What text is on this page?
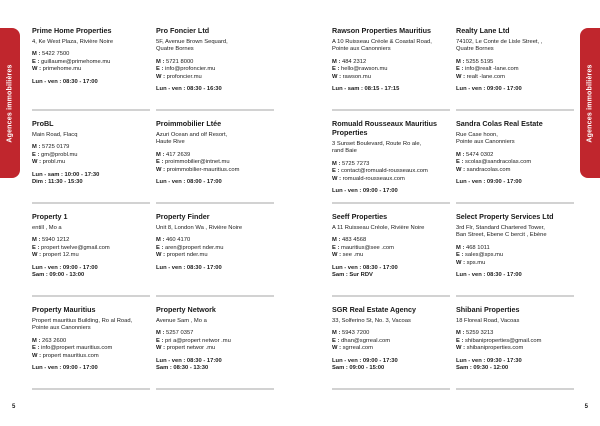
Agences immobilières	Agences immobilières
Prime Home Properties
4, Ke West Plaza, Rivière Noire
M : 5422 7500
E : guillaume@primehome.mu
W : primehome.mu
Lun - ven : 08:30 - 17:00
ProBL
Main Road, Flacq
M : 5725 0179
E : gm@probl.mu
W : probl.mu
Lun - sam : 10:00 - 17:30
Dim : 11:30 - 15:30
Property 1
entill , Mo a
M : 5940 1212
E : propert twelve@gmail.com
W : propert 12.mu
Lun - ven : 09:00 - 17:00
Sam : 09:00 - 13:00
Property Mauritius
Propert mauritius Building, Ro al Road,
Pointe aux Canonniers
M : 263 2600
E : info@propert mauritius.com
W : propert mauritius.com
Lun - ven : 09:00 - 17:00
Pro Foncier Ltd
5F, Avenue Brown Sequard,
Quatre Bornes
M : 5721 8000
E : info@profoncier.mu
W : profoncier.mu
Lun - ven : 08:30 - 16:30
Proimmobilier Ltée
Azuri Ocean and olf Resort,
Haute Rive
M : 417 2639
E : proimmobilier@intnet.mu
W : proimmobilier-mauritius.com
Lun - ven : 08:00 - 17:00
Property Finder
Unit 8, London Wa , Rivière Noire
M : 460 4170
E : aren@propert nder.mu
W : propert nder.mu
Lun - ven : 08:30 - 17:00
Property Network
Avenue Sam , Mo a
M : 5257 0357
E : pri a@propert networ .mu
W : propert networ .mu
Lun - ven : 08:30 - 17:00
Sam : 08:30 - 13:30
Rawson Properties Mauritius
A 10 Ruisseau Créole & Coastal Road,
Pointe aux Canonniers
M : 484 2312
E : hello@rawson.mu
W : rawson.mu
Lun - sam : 08:15 - 17:15
Romuald Rousseaux Mauritius Properties
3 Sunset Boulevard, Route Ro ale,
rand Baie
M : 5725 7273
E : contact@romuald-rousseaux.com
W : romuald-rousseaux.com
Lun - ven : 09:00 - 17:00
Seeff Properties
A 11 Ruisseau Créole, Rivière Noire
M : 483 4568
E : mauritius@see .com
W : see .mu
Lun - ven : 08:30 - 17:00
Sam : Sur RDV
SGR Real Estate Agency
33, Solferino St, No. 3, Vacoas
M : 5943 7200
E : dhan@sgrreal.com
W : sgrreal.com
Lun - ven : 09:00 - 17:30
Sam : 09:00 - 15:00
Realty Lane Ltd
74102, Le Conte de Lisle Street, ,
Quatre Bornes
M : 5255 5195
E : info@realt -lane.com
W : realt -lane.com
Lun - ven : 09:00 - 17:00
Sandra Colas Real Estate
Rue Case hoon,
Pointe aux Canonniers
M : 5474 0302
E : scolas@sandracolas.com
W : sandracolas.com
Lun - ven : 09:00 - 17:00
Select Property Services Ltd
3rd Flr, Standard Chartered Tower,
Ban Street, Ebene C bercit , Ebène
M : 468 1011
E : sales@sps.mu
W : sps.mu
Lun - ven : 08:30 - 17:00
Shibani Properties
18 Floreal Road, Vacoas
M : 5259 3213
E : shibaniproperties@gmail.com
W : shibaniproperties.com
Lun - ven : 09:30 - 17:30
Sam : 09:30 - 12:00
5	5
